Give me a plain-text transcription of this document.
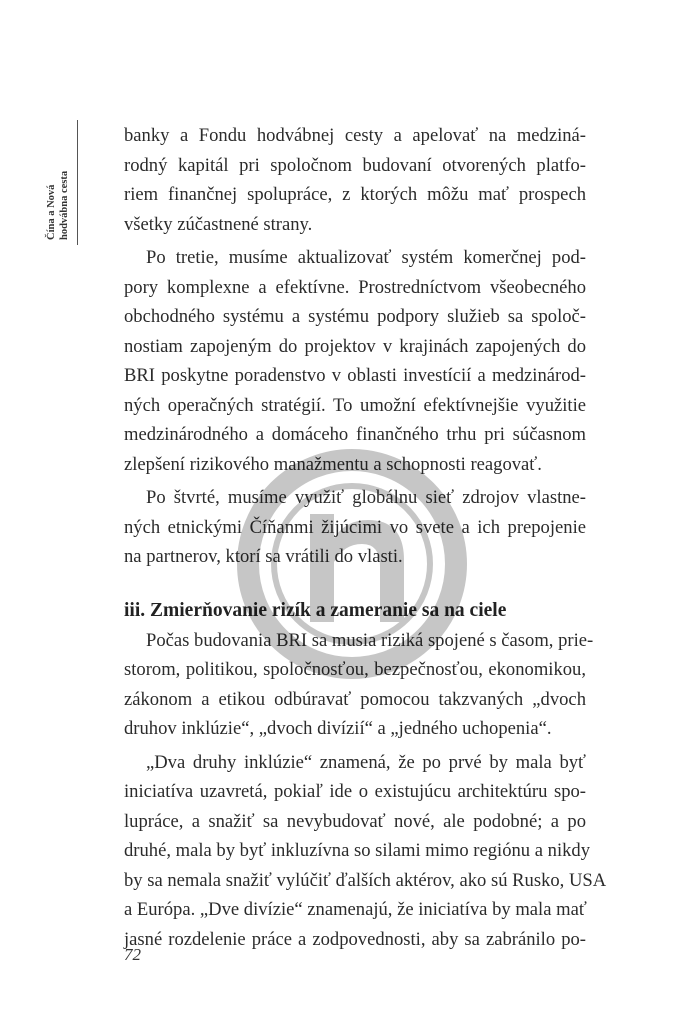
Čína a Nová hodvábna cesta
banky a Fondu hodvábnej cesty a apelovať na medziná-
rodný kapitál pri spoločnom budovaní otvorených platfo-
riem finančnej spolupráce, z ktorých môžu mať prospech
všetky zúčastnené strany.
Po tretie, musíme aktualizovať systém komerčnej pod-
pory komplexne a efektívne. Prostredníctvom všeobecného
obchodného systému a systému podpory služieb sa spoloč-
nostiam zapojeným do projektov v krajinách zapojených do
BRI poskytne poradenstvo v oblasti investícií a medzinárod-
ných operačných stratégií. To umožní efektívnejšie využitie
medzinárodného a domáceho finančného trhu pri súčasnom
zlepšení rizikového manažmentu a schopnosti reagovať.
Po štvrté, musíme využiť globálnu sieť zdrojov vlastne-
ných etnickými Číňanmi žijúcimi vo svete a ich prepojenie
na partnerov, ktorí sa vrátili do vlasti.
iii. Zmierňovanie rizík a zameranie sa na ciele
Počas budovania BRI sa musia riziká spojené s časom, prie-
storom, politikou, spoločnosťou, bezpečnosťou, ekonomikou,
zákonom a etikou odbúravať pomocou takzvaných „dvoch
druhov inklúzie“, „dvoch divízií“ a „jedného uchopenia“.
„Dva druhy inklúzie“ znamená, že po prvé by mala byť
iniciatíva uzavretá, pokiaľ ide o existujúcu architektúru spo-
lupráce, a snažiť sa nevybudovať nové, ale podobné; a po
druhé, mala by byť inkluzívna so silami mimo regiónu a nikdy
by sa nemala snažiť vylúčiť ďalších aktérov, ako sú Rusko, USA
a Európa. „Dve divízie“ znamenajú, že iniciatíva by mala mať
jasné rozdelenie práce a zodpovednosti, aby sa zabránilo po-
72
